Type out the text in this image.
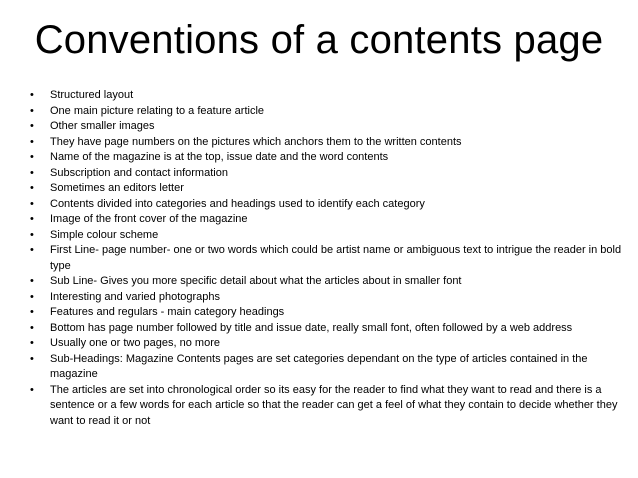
Conventions of a contents page
•	Structured layout
•	One main picture relating to a feature article
•	Other smaller images
•	They have page numbers on the pictures which anchors them to the written contents
•	Name of the magazine is at the top, issue date and the word contents
•	Subscription and contact information
•	Sometimes an editors letter
•	Contents divided into categories and headings used to identify each category
•	Image of the front cover of the magazine
•	Simple colour scheme
•	First Line- page number- one or two words which could be artist name or ambiguous text to intrigue the reader in bold type
•	Sub Line- Gives you more specific detail about what the articles about in smaller font
•	Interesting and varied photographs
•	Features and regulars - main category headings
•	Bottom has page number followed by title and issue date, really small font, often followed by a web address
•	Usually one or two pages, no more
•	Sub-Headings: Magazine Contents pages are set categories dependant on the type of articles contained in the magazine
•	The articles are set into chronological order so its easy for the reader to find what they want to read and there is a sentence or a few words for each article so that the reader can get a feel of what they contain to decide whether they want to read it or not
